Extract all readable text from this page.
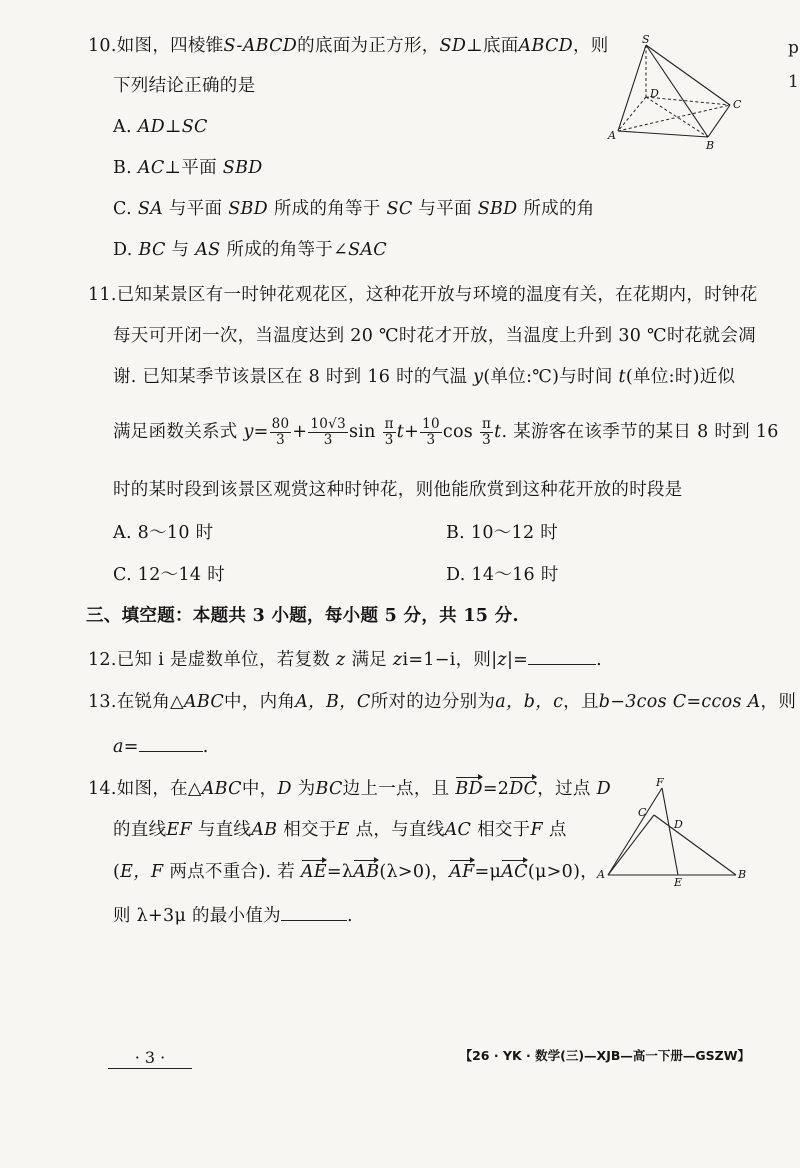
p
1
10.如图，四棱锥S-ABCD的底面为正方形，SD⊥底面ABCD，则
下列结论正确的是
A. AD⊥SC
B. AC⊥平面 SBD
C. SA 与平面 SBD 所成的角等于 SC 与平面 SBD 所成的角
D. BC 与 AS 所成的角等于∠SAC
S
D
C
A
B
11.已知某景区有一时钟花观花区，这种花开放与环境的温度有关，在花期内，时钟花
每天可开闭一次，当温度达到 20 ℃时花才开放，当温度上升到 30 ℃时花就会凋
谢. 已知某季节该景区在 8 时到 16 时的气温 y(单位:℃)与时间 t(单位:时)近似
满足函数关系式 $y= \frac{80}{3} + \frac{10√3}{3}$ $\sin \frac{\pi}{3} t+ \frac{10}{3}$ $\cos \frac{\pi}{3} t$. 某游客在该季节的某日 8 时到 16
时的某时段到该景区观赏这种时钟花，则他能欣赏到这种花开放的时段是
A. 8～10 时	B. 10～12 时
C. 12～14 时	D. 14～16 时
三、填空题：本题共 3 小题，每小题 5 分，共 15 分.
12.已知 i 是虚数单位，若复数 z 满足 zi=1−i，则|z|=	.
13.在锐角△ABC中，内角A，B，C所对的边分别为a，b，c，且b−3cos C=ccos A，则
a=	.
14.如图，在△ABC中，D 为BC边上一点，且 BD=2DC，过点 D
的直线EF 与直线AB 相交于E 点，与直线AC 相交于F 点
(E，F 两点不重合). 若 AE=λAB(λ>0)，AF=μAC(μ>0)，
则 λ+3μ 的最小值为	.
F
C
D
A
E
B
· 3 ·	【26 · YK · 数学(三)—XJB—高一下册—GSZW】
